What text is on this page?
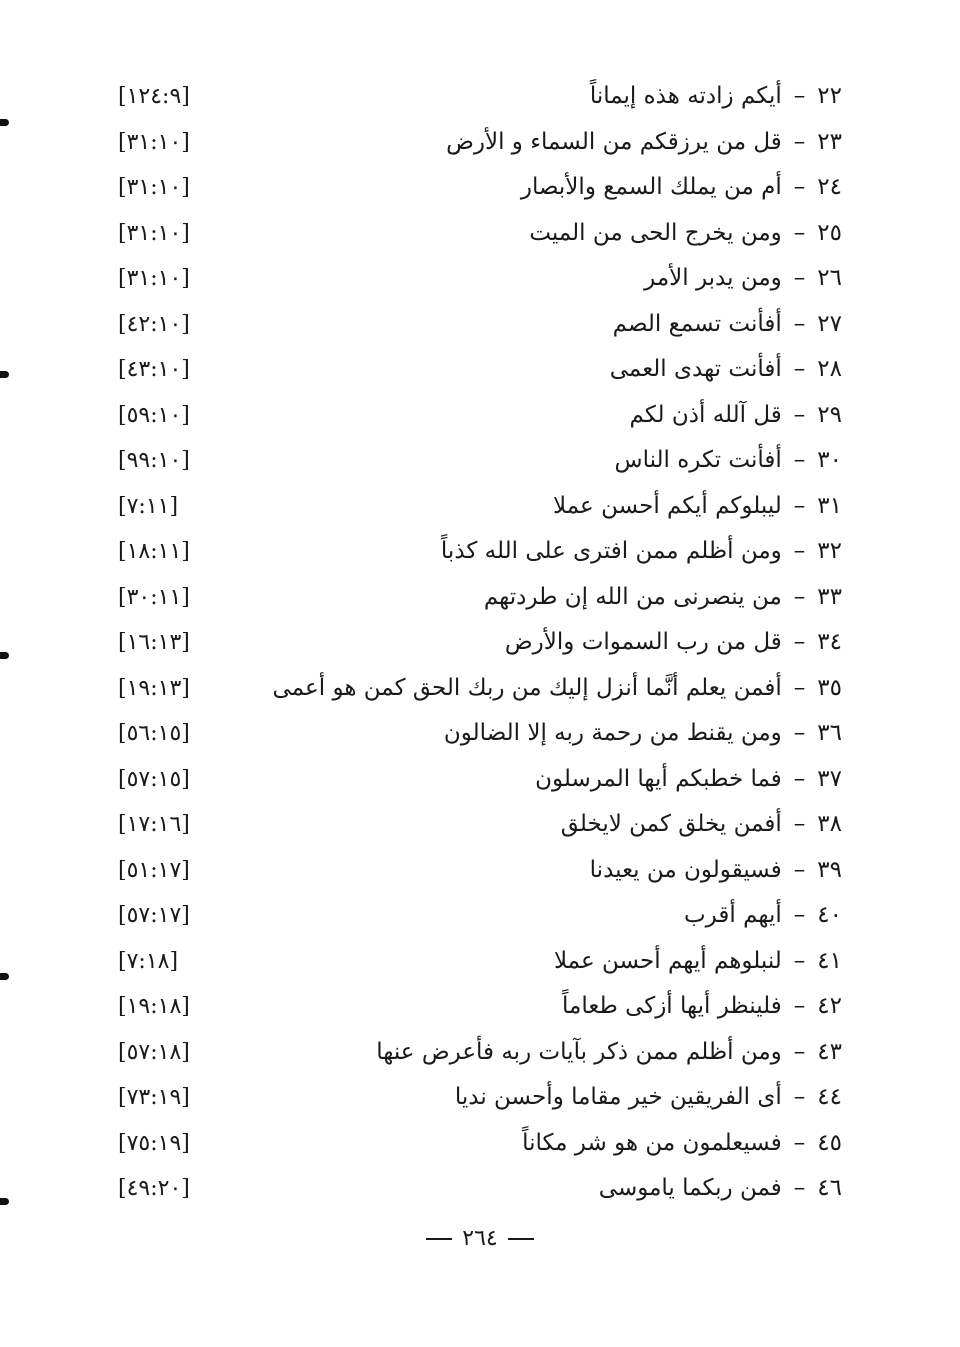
٢٢–أيكم زادته هذه إيماناً
[١٢٤:٩]
٢٣–قل من يرزقكم من السماء و الأرض
[٣١:١٠]
٢٤–أم من يملك السمع والأبصار
[٣١:١٠]
٢٥–ومن يخرج الحى من الميت
[٣١:١٠]
٢٦–ومن يدبر الأمر
[٣١:١٠]
٢٧–أفأنت تسمع الصم
[٤٢:١٠]
٢٨–أفأنت تهدى العمى
[٤٣:١٠]
٢٩–قل آلله أذن لكم
[٥٩:١٠]
٣٠–أفأنت تكره الناس
[٩٩:١٠]
٣١–ليبلوكم أيكم أحسن عملا
[٧:١١]
٣٢–ومن أظلم ممن افترى على الله كذباً
[١٨:١١]
٣٣–من ينصرنى من الله إن طردتهم
[٣٠:١١]
٣٤–قل من رب السموات والأرض
[١٦:١٣]
٣٥–أفمن يعلم أنَّما أنزل إليك من ربك الحق كمن هو أعمى
[١٩:١٣]
٣٦–ومن يقنط من رحمة ربه إلا الضالون
[٥٦:١٥]
٣٧–فما خطبكم أيها المرسلون
[٥٧:١٥]
٣٨–أفمن يخلق كمن لايخلق
[١٧:١٦]
٣٩–فسيقولون من يعيدنا
[٥١:١٧]
٤٠–أيهم أقرب
[٥٧:١٧]
٤١–لنبلوهم أيهم أحسن عملا
[٧:١٨]
٤٢–فلينظر أيها أزكى طعاماً
[١٩:١٨]
٤٣–ومن أظلم ممن ذكر بآيات ربه فأعرض عنها
[٥٧:١٨]
٤٤–أى الفريقين خير مقاما وأحسن نديا
[٧٣:١٩]
٤٥–فسيعلمون من هو شر مكاناً
[٧٥:١٩]
٤٦–فمن ربكما ياموسى
[٤٩:٢٠]
٢٦٤
